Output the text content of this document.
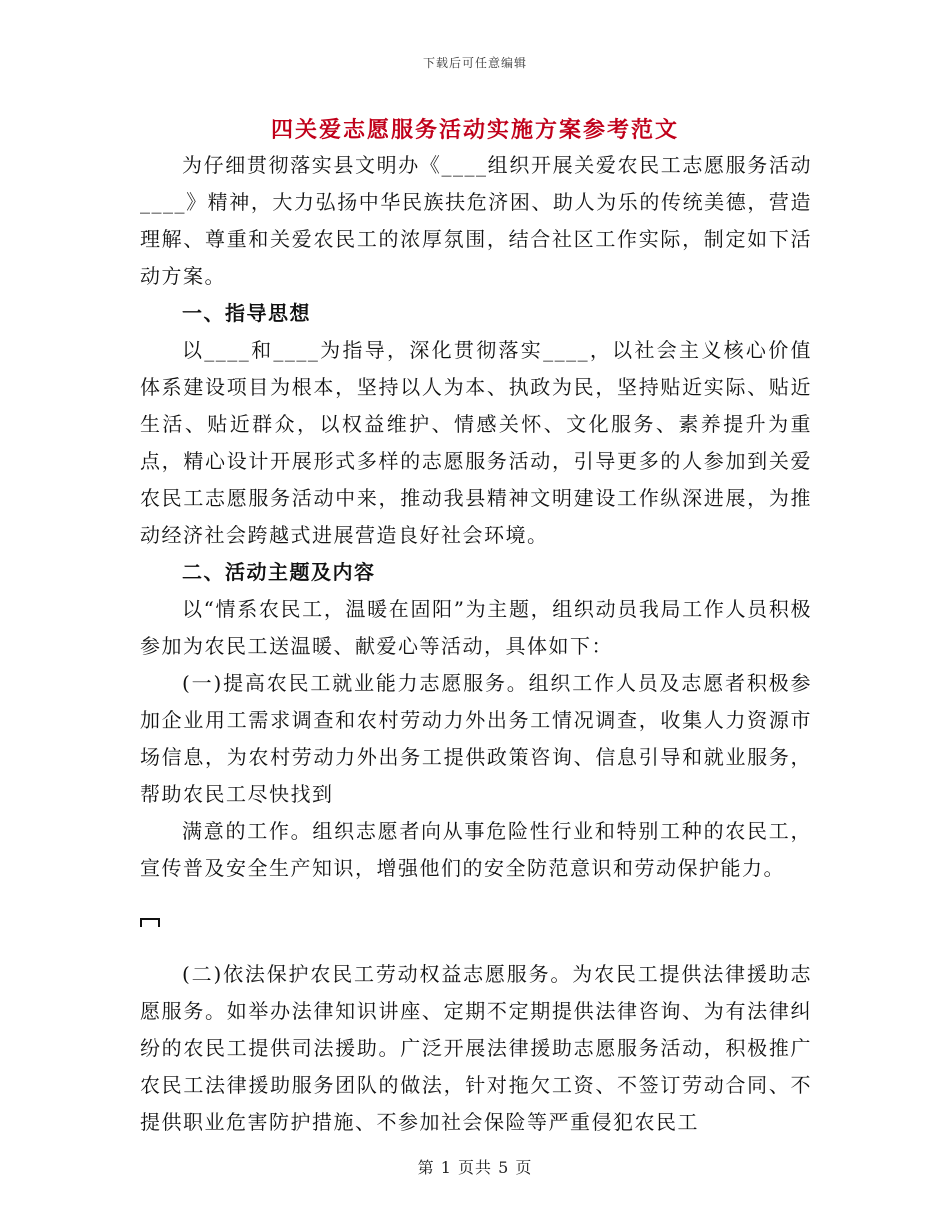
下载后可任意编辑
四关爱志愿服务活动实施方案参考范文

为仔细贯彻落实县文明办《____组织开展关爱农民工志愿服务活动____》精神，大力弘扬中华民族扶危济困、助人为乐的传统美德，营造理解、尊重和关爱农民工的浓厚氛围，结合社区工作实际，制定如下活动方案。

一、指导思想

以____和____为指导，深化贯彻落实____，以社会主义核心价值体系建设项目为根本，坚持以人为本、执政为民，坚持贴近实际、贴近生活、贴近群众，以权益维护、情感关怀、文化服务、素养提升为重点，精心设计开展形式多样的志愿服务活动，引导更多的人参加到关爱农民工志愿服务活动中来，推动我县精神文明建设工作纵深进展，为推动经济社会跨越式进展营造良好社会环境。

二、活动主题及内容

以“情系农民工，温暖在固阳”为主题，组织动员我局工作人员积极参加为农民工送温暖、献爱心等活动，具体如下：

(一)提高农民工就业能力志愿服务。组织工作人员及志愿者积极参加企业用工需求调查和农村劳动力外出务工情况调查，收集人力资源市场信息，为农村劳动力外出务工提供政策咨询、信息引导和就业服务，帮助农民工尽快找到

满意的工作。组织志愿者向从事危险性行业和特别工种的农民工，宣传普及安全生产知识，增强他们的安全防范意识和劳动保护能力。

(二)依法保护农民工劳动权益志愿服务。为农民工提供法律援助志愿服务。如举办法律知识讲座、定期不定期提供法律咨询、为有法律纠纷的农民工提供司法援助。广泛开展法律援助志愿服务活动，积极推广农民工法律援助服务团队的做法，针对拖欠工资、不签订劳动合同、不提供职业危害防护措施、不参加社会保险等严重侵犯农民工

第 1 页共 5 页
